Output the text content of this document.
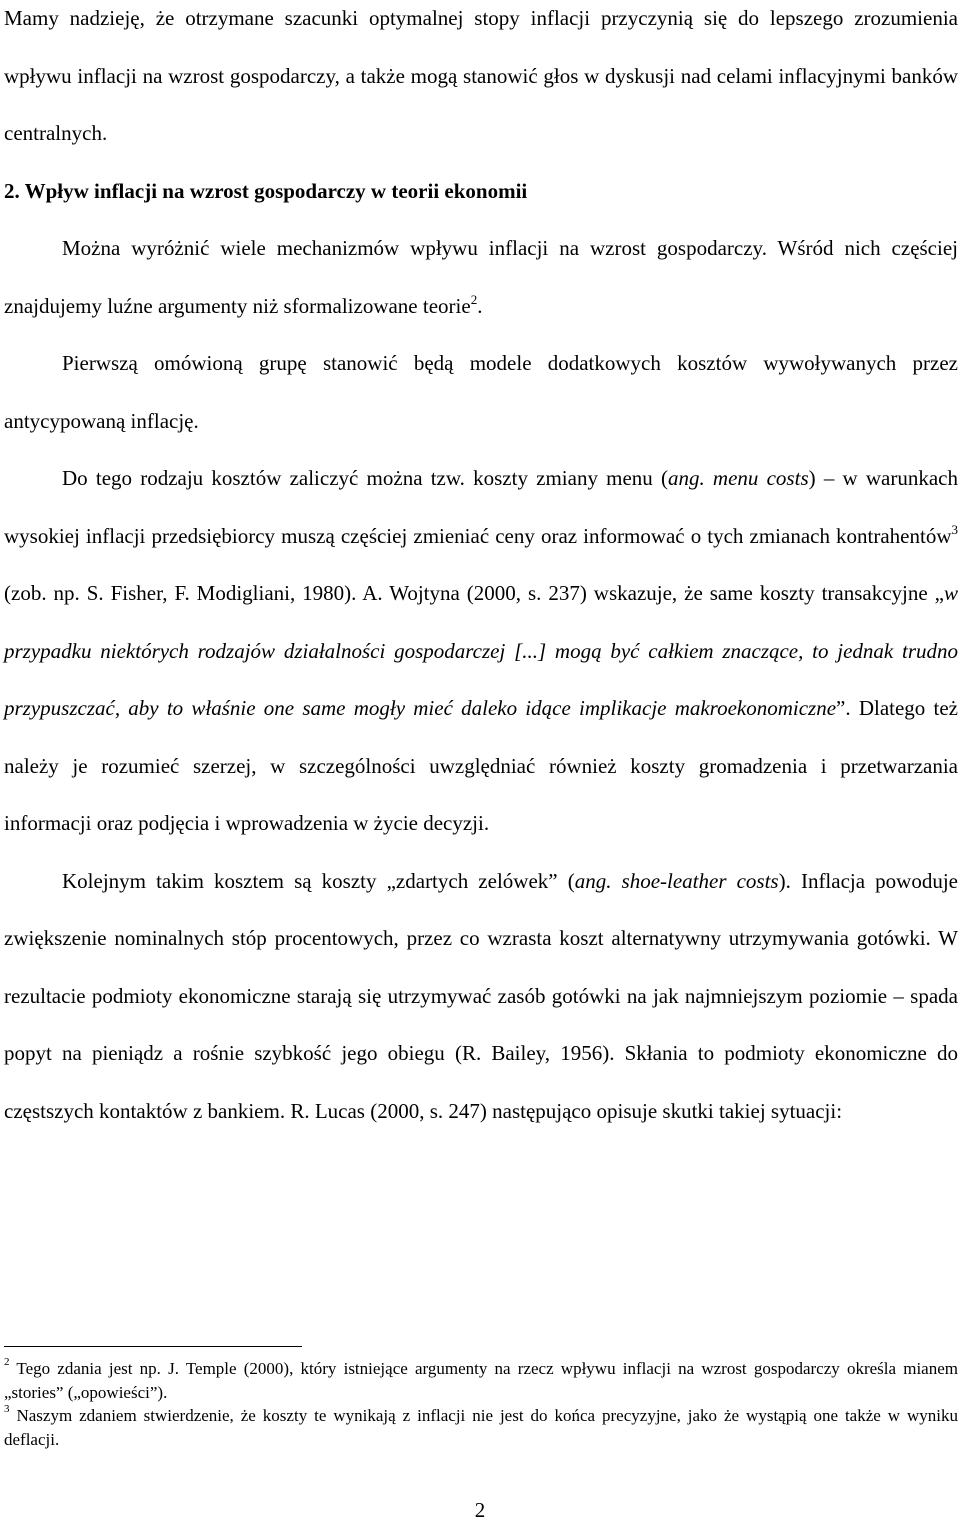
Mamy nadzieję, że otrzymane szacunki optymalnej stopy inflacji przyczynią się do lepszego zrozumienia wpływu inflacji na wzrost gospodarczy, a także mogą stanowić głos w dyskusji nad celami inflacyjnymi banków centralnych.

2. Wpływ inflacji na wzrost gospodarczy w teorii ekonomii

Można wyróżnić wiele mechanizmów wpływu inflacji na wzrost gospodarczy. Wśród nich częściej znajdujemy luźne argumenty niż sformalizowane teorie$^2$.

Pierwszą omówioną grupę stanowić będą modele dodatkowych kosztów wywoływanych przez antycypowaną inflację.

Do tego rodzaju kosztów zaliczyć można tzw. koszty zmiany menu (ang. menu costs) – w warunkach wysokiej inflacji przedsiębiorcy muszą częściej zmieniać ceny oraz informować o tych zmianach kontrahentów$^3$ (zob. np. S. Fisher, F. Modigliani, 1980). A. Wojtyna (2000, s. 237) wskazuje, że same koszty transakcyjne „w przypadku niektórych rodzajów działalności gospodarczej [...] mogą być całkiem znaczące, to jednak trudno przypuszczać, aby to właśnie one same mogły mieć daleko idące implikacje makroekonomiczne”. Dlatego też należy je rozumieć szerzej, w szczególności uwzględniać również koszty gromadzenia i przetwarzania informacji oraz podjęcia i wprowadzenia w życie decyzji.

Kolejnym takim kosztem są koszty „zdartych zelówek” (ang. shoe-leather costs). Inflacja powoduje zwiększenie nominalnych stóp procentowych, przez co wzrasta koszt alternatywny utrzymywania gotówki. W rezultacie podmioty ekonomiczne starają się utrzymywać zasób gotówki na jak najmniejszym poziomie – spada popyt na pieniądz a rośnie szybkość jego obiegu (R. Bailey, 1956). Skłania to podmioty ekonomiczne do częstszych kontaktów z bankiem. R. Lucas (2000, s. 247) następująco opisuje skutki takiej sytuacji:

$^2$ Tego zdania jest np. J. Temple (2000), który istniejące argumenty na rzecz wpływu inflacji na wzrost gospodarczy określa mianem „stories” („opowieści”).

$^3$ Naszym zdaniem stwierdzenie, że koszty te wynikają z inflacji nie jest do końca precyzyjne, jako że wystąpią one także w wyniku deflacji.

2
